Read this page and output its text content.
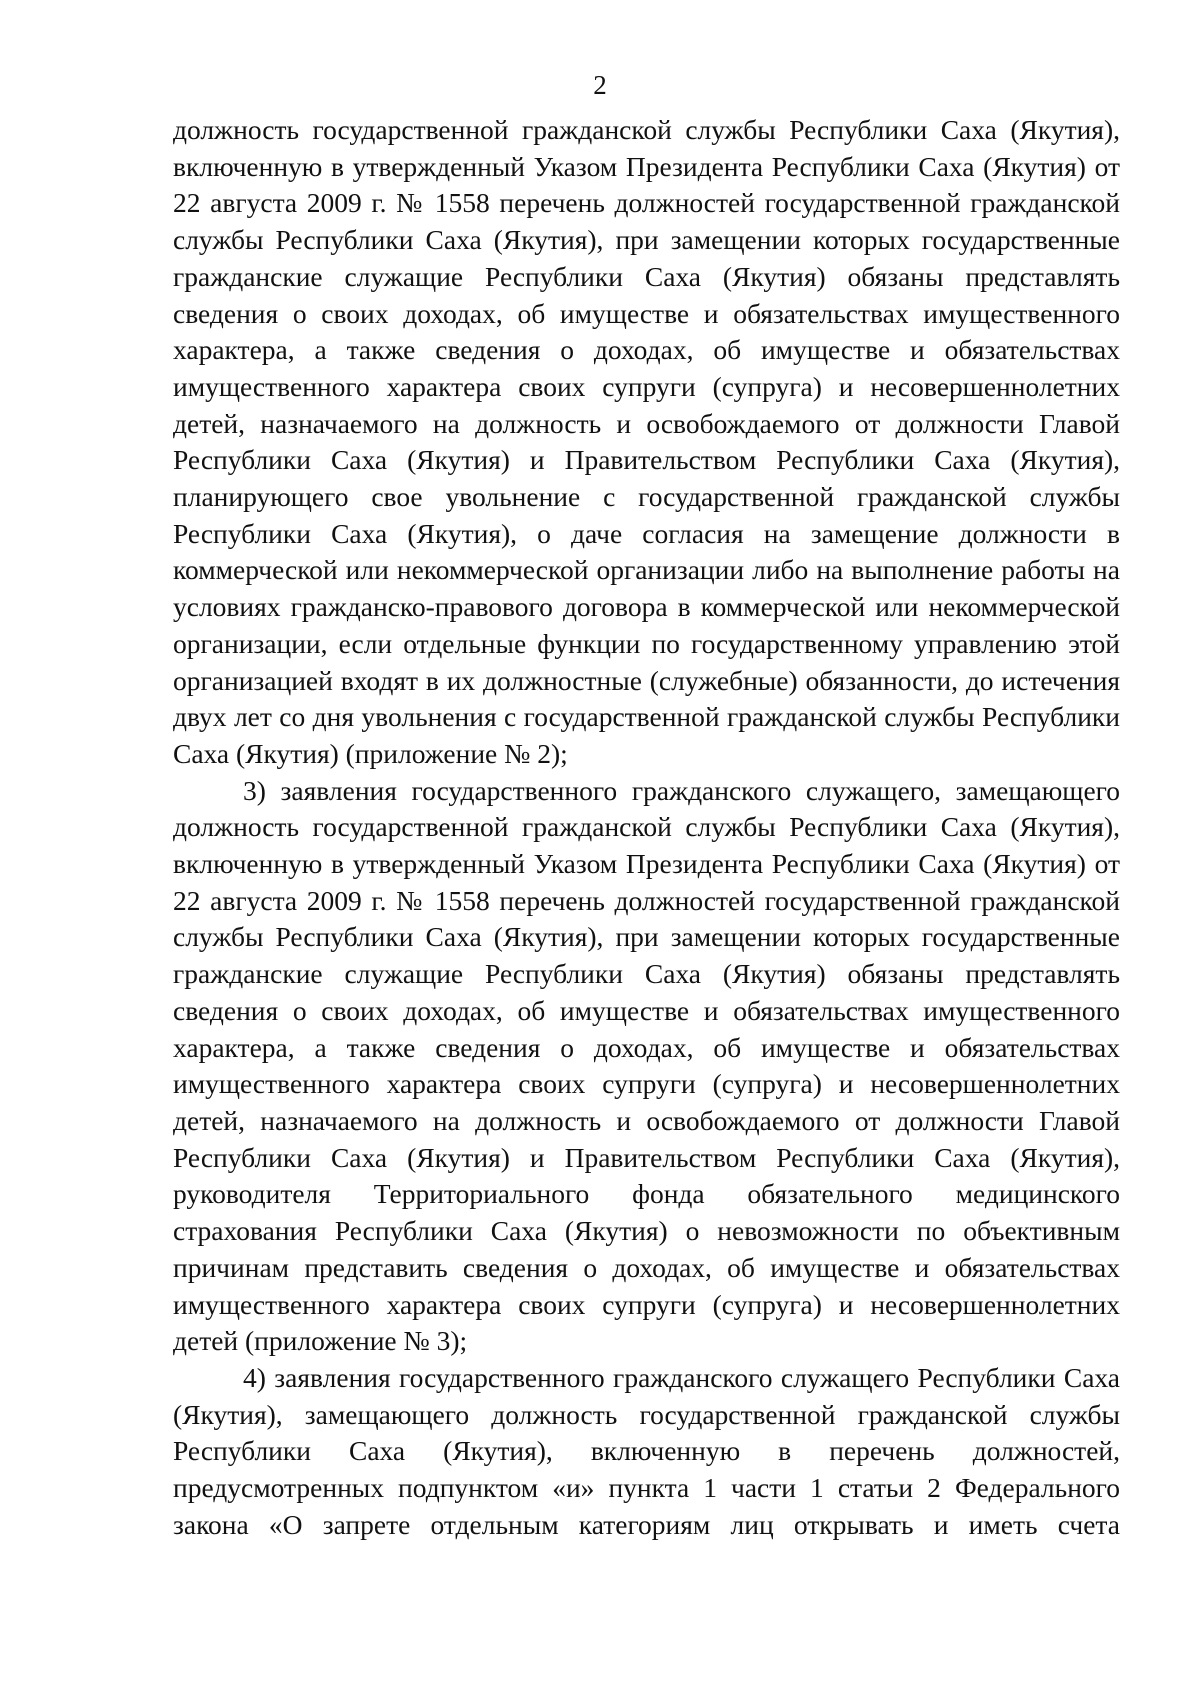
2

должность государственной гражданской службы Республики Саха (Якутия), включенную в утвержденный Указом Президента Республики Саха (Якутия) от 22 августа 2009 г. № 1558 перечень должностей государственной гражданской службы Республики Саха (Якутия), при замещении которых государственные гражданские служащие Республики Саха (Якутия) обязаны представлять сведения о своих доходах, об имуществе и обязательствах имущественного характера, а также сведения о доходах, об имуществе и обязательствах имущественного характера своих супруги (супруга) и несовершеннолетних детей, назначаемого на должность и освобождаемого от должности Главой Республики Саха (Якутия) и Правительством Республики Саха (Якутия), планирующего свое увольнение с государственной гражданской службы Республики Саха (Якутия), о даче согласия на замещение должности в коммерческой или некоммерческой организации либо на выполнение работы на условиях гражданско-правового договора в коммерческой или некоммерческой организации, если отдельные функции по государственному управлению этой организацией входят в их должностные (служебные) обязанности, до истечения двух лет со дня увольнения с государственной гражданской службы Республики Саха (Якутия) (приложение № 2);

3) заявления государственного гражданского служащего, замещающего должность государственной гражданской службы Республики Саха (Якутия), включенную в утвержденный Указом Президента Республики Саха (Якутия) от 22 августа 2009 г. № 1558 перечень должностей государственной гражданской службы Республики Саха (Якутия), при замещении которых государственные гражданские служащие Республики Саха (Якутия) обязаны представлять сведения о своих доходах, об имуществе и обязательствах имущественного характера, а также сведения о доходах, об имуществе и обязательствах имущественного характера своих супруги (супруга) и несовершеннолетних детей, назначаемого на должность и освобождаемого от должности Главой Республики Саха (Якутия) и Правительством Республики Саха (Якутия), руководителя Территориального фонда обязательного медицинского страхования Республики Саха (Якутия) о невозможности по объективным причинам представить сведения о доходах, об имуществе и обязательствах имущественного характера своих супруги (супруга) и несовершеннолетних детей (приложение № 3);

4) заявления государственного гражданского служащего Республики Саха (Якутия), замещающего должность государственной гражданской службы Республики Саха (Якутия), включенную в перечень должностей, предусмотренных подпунктом «и» пункта 1 части 1 статьи 2 Федерального закона «О запрете отдельным категориям лиц открывать и иметь счета
